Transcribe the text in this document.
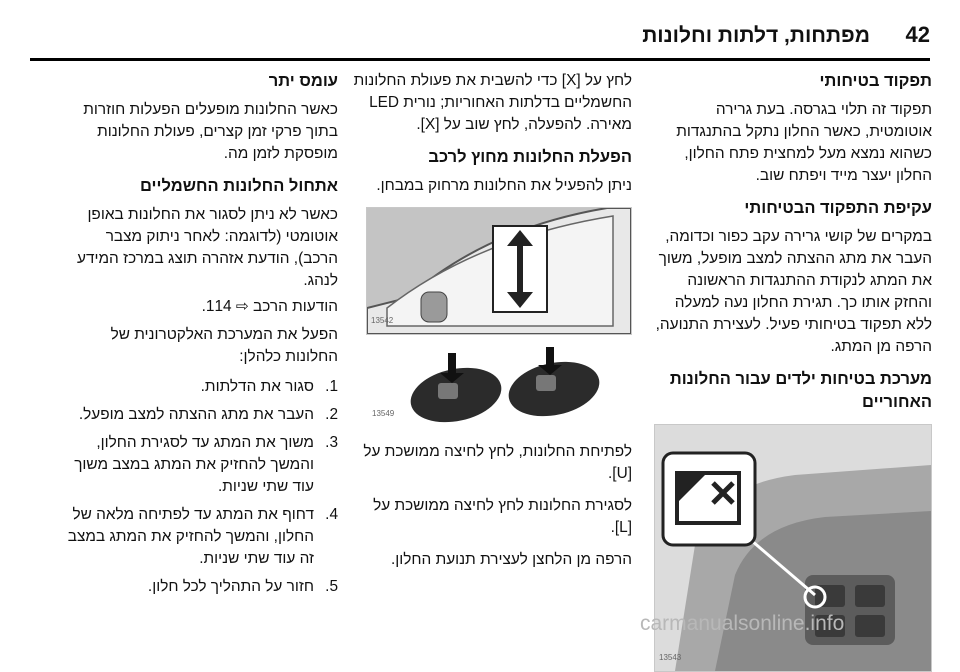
42
מפתחות, דלתות וחלונות
תפקוד בטיחותי

תפקוד זה תלוי בגרסה. בעת גרירה אוטומטית, כאשר החלון נתקל בהתנגדות כשהוא נמצא מעל למחצית פתח החלון, החלון יעצר מייד ויפתח שוב.

עקיפת התפקוד הבטיחותי

במקרים של קושי גרירה עקב כפור וכדומה, העבר את מתג ההצתה למצב מופעל, משוך את המתג לנקודת ההתנגדות הראשונה והחזק אותו כך. תגירת החלון נעה למעלה ללא תפקוד בטיחותי פעיל. לעצירת התנועה, הרפה מן המתג.

מערכת בטיחות ילדים עבור החלונות האחוריים
13543

לחץ על [X] כדי להשבית את פעולת החלונות החשמליים בדלתות האחוריות; נורית LED מאירה. להפעלה, לחץ שוב על [X].

הפעלת החלונות מחוץ לרכב

ניתן להפעיל את החלונות מרחוק במבחן.

13542
13549

לפתיחת החלונות, לחץ לחיצה ממושכת על [U].

לסגירת החלונות לחץ לחיצה ממושכת על [L].

הרפה מן הלחצן לעצירת תנועת החלון.

עומס יתר

כאשר החלונות מופעלים הפעלות חוזרות בתוך פרקי זמן קצרים, פעולת החלונות מופסקת לזמן מה.

אתחול החלונות החשמליים

כאשר לא ניתן לסגור את החלונות באופן אוטומטי (לדוגמה: לאחר ניתוק מצבר הרכב), הודעת אזהרה תוצג במרכז המידע לנהג.

הודעות הרכב ⇨ 114.

הפעל את המערכת האלקטרונית של החלונות כלהלן:

1.
סגור את הדלתות.
2.
העבר את מתג ההצתה למצב מופעל.
3.
משוך את המתג עד לסגירת החלון, והמשך להחזיק את המתג במצב משוך עוד שתי שניות.
4.
דחוף את המתג עד לפתיחה מלאה של החלון, והמשך להחזיק את המתג במצב זה עוד שתי שניות.
5.
חזור על התהליך לכל חלון.
carmanualsonline.info
